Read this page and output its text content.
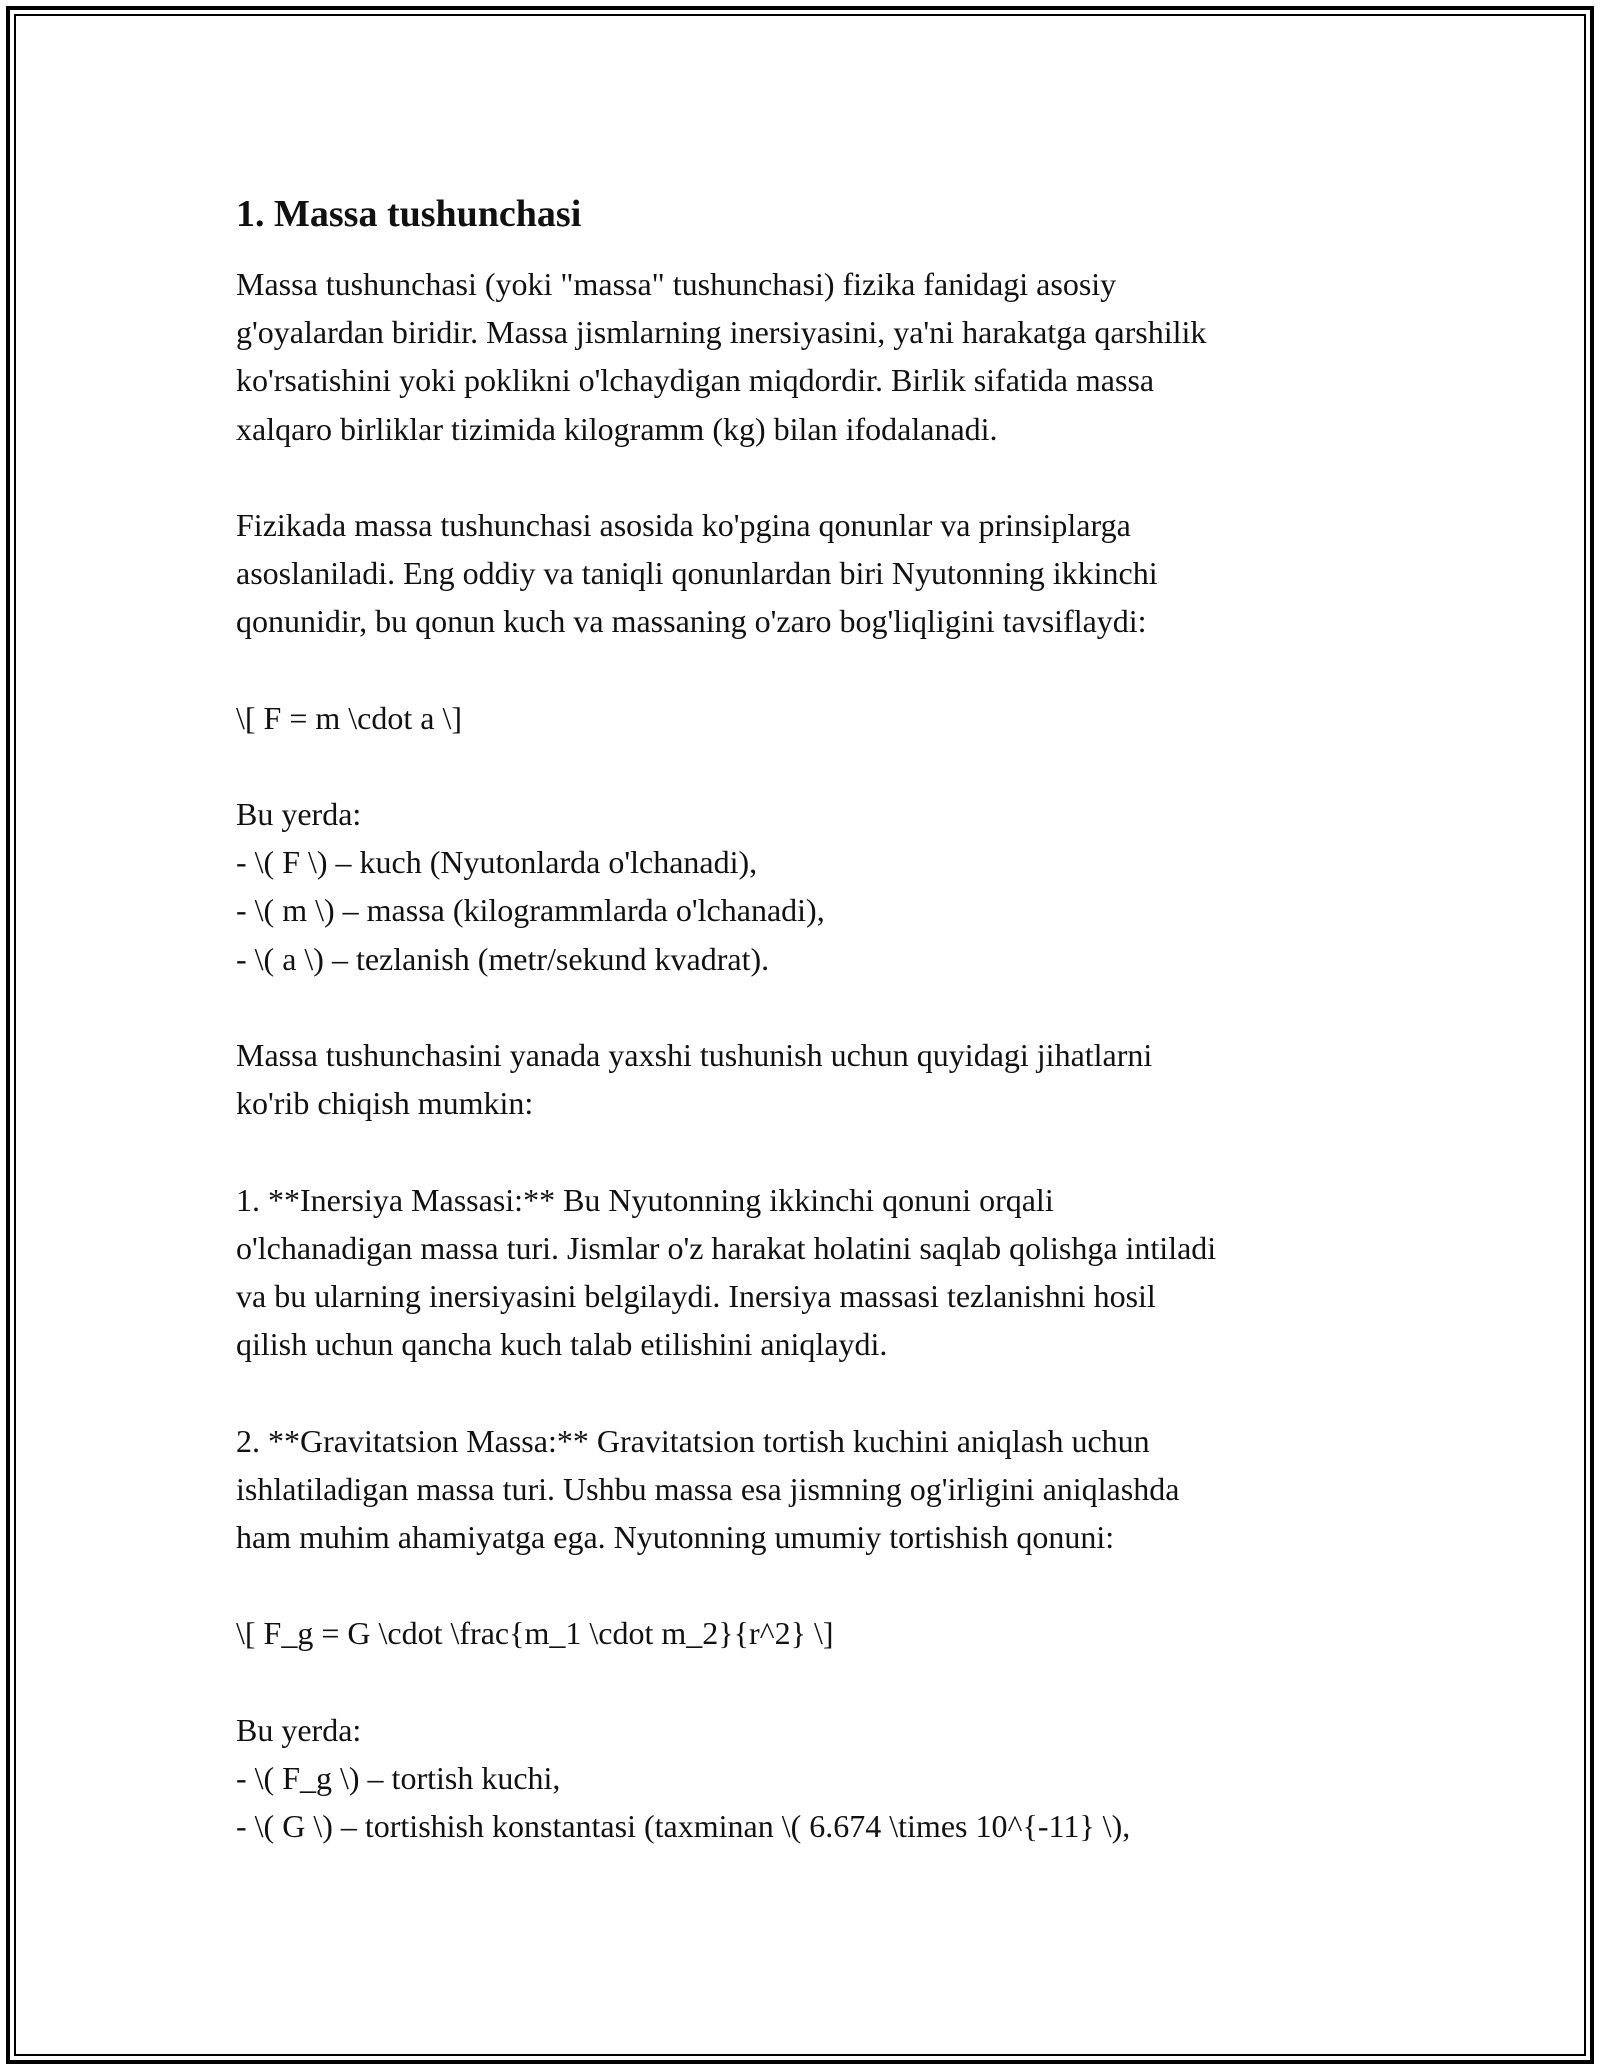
1. Massa tushunchasi
Massa tushunchasi (yoki "massa" tushunchasi) fizika fanidagi asosiy
g'oyalardan biridir. Massa jismlarning inersiyasini, ya'ni harakatga qarshilik
ko'rsatishini yoki poklikni o'lchaydigan miqdordir. Birlik sifatida massa
xalqaro birliklar tizimida kilogramm (kg) bilan ifodalanadi.
Fizikada massa tushunchasi asosida ko'pgina qonunlar va prinsiplarga
asoslaniladi. Eng oddiy va taniqli qonunlardan biri Nyutonning ikkinchi
qonunidir, bu qonun kuch va massaning o'zaro bog'liqligini tavsiflaydi:
\[ F = m \cdot a \]
Bu yerda:
- \( F \) – kuch (Nyutonlarda o'lchanadi),
- \( m \) – massa (kilogrammlarda o'lchanadi),
- \( a \) – tezlanish (metr/sekund kvadrat).
Massa tushunchasini yanada yaxshi tushunish uchun quyidagi jihatlarni
ko'rib chiqish mumkin:
1. **Inersiya Massasi:** Bu Nyutonning ikkinchi qonuni orqali
o'lchanadigan massa turi. Jismlar o'z harakat holatini saqlab qolishga intiladi
va bu ularning inersiyasini belgilaydi. Inersiya massasi tezlanishni hosil
qilish uchun qancha kuch talab etilishini aniqlaydi.
2. **Gravitatsion Massa:** Gravitatsion tortish kuchini aniqlash uchun
ishlatiladigan massa turi. Ushbu massa esa jismning og'irligini aniqlashda
ham muhim ahamiyatga ega. Nyutonning umumiy tortishish qonuni:
\[ F_g = G \cdot \frac{m_1 \cdot m_2}{r^2} \]
Bu yerda:
- \( F_g \) – tortish kuchi,
- \( G \) – tortishish konstantasi (taxminan \( 6.674 \times 10^{-11} \),
